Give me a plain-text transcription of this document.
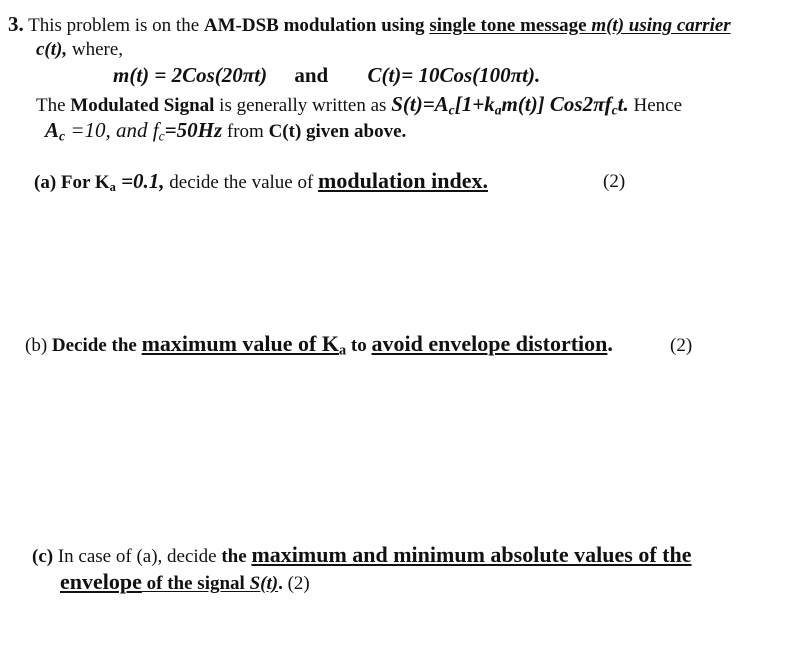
3. This problem is on the AM-DSB modulation using single tone message m(t) using carrier
c(t), where,
m(t) = 2Cos(20πt) and C(t)= 10Cos(100πt).
The Modulated Signal is generally written as $S(t)=A_c[1+k_am(t)]$ $Cos2\pi f_ct$. Hence
$A_c =10$, and $f_c=50Hz$ from C(t) given above.
(a) For $K_a =0.1$, decide the value of modulation index.	(2)
(b) Decide the maximum value of $K_a$ to avoid envelope distortion.	(2)
(c) In case of (a), decide the maximum and minimum absolute values of the
envelope of the signal S(t). (2)
